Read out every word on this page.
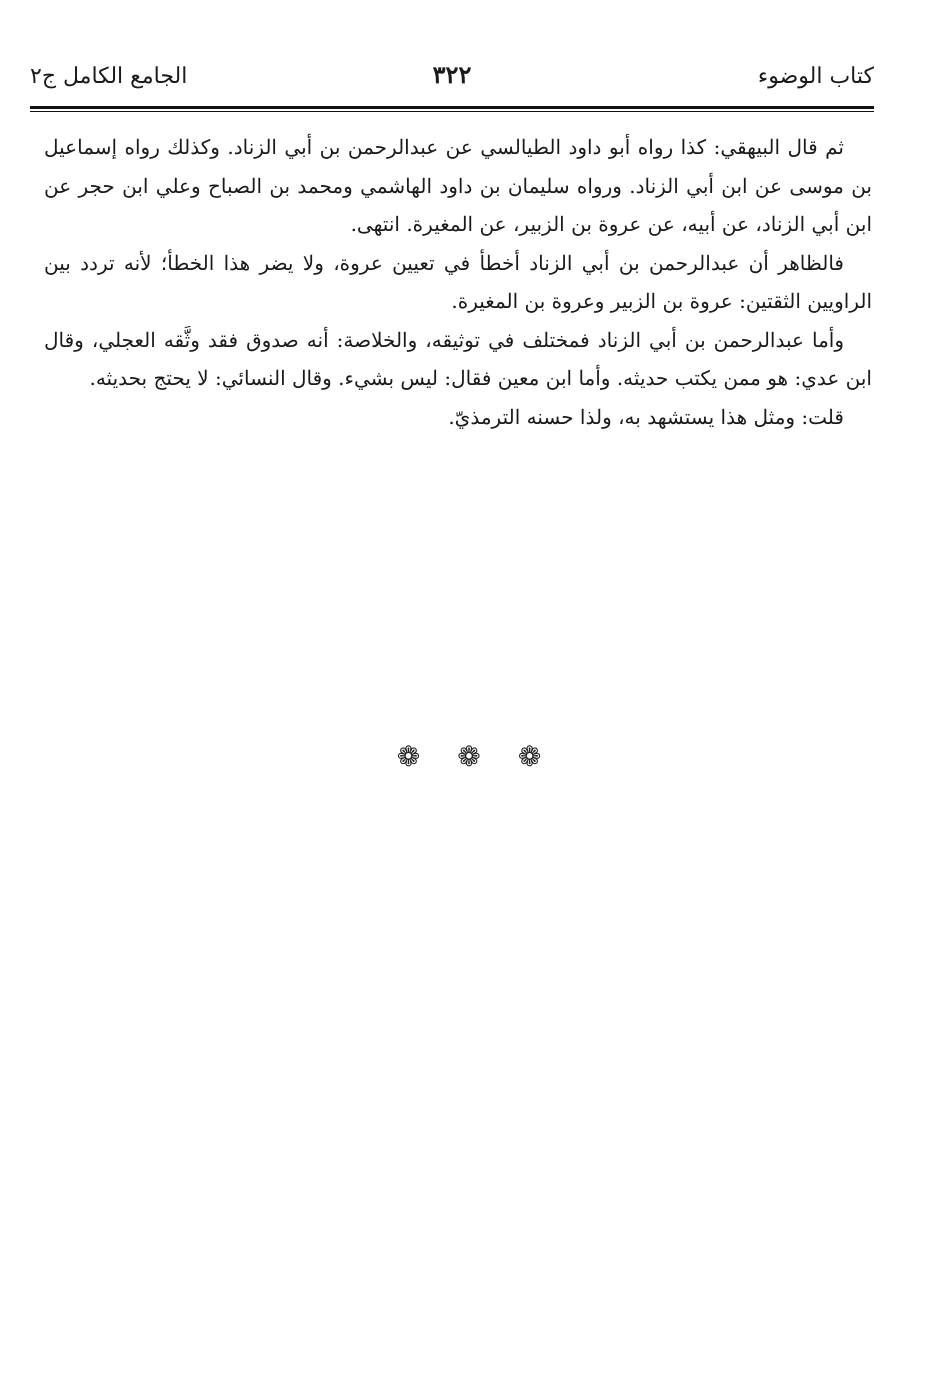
كتاب الوضوء
٣٢٢
الجامع الكامل ج٢

ثم قال البيهقي: كذا رواه أبو داود الطيالسي عن عبدالرحمن بن أبي الزناد. وكذلك رواه إسماعيل بن موسى عن ابن أبي الزناد. ورواه سليمان بن داود الهاشمي ومحمد بن الصباح وعلي ابن حجر عن ابن أبي الزناد، عن أبيه، عن عروة بن الزبير، عن المغيرة. انتهى.

فالظاهر أن عبدالرحمن بن أبي الزناد أخطأ في تعيين عروة، ولا يضر هذا الخطأ؛ لأنه تردد بين الراويين الثقتين: عروة بن الزبير وعروة بن المغيرة.

وأما عبدالرحمن بن أبي الزناد فمختلف في توثيقه، والخلاصة: أنه صدوق فقد وثَّقه العجلي، وقال ابن عدي: هو ممن يكتب حديثه. وأما ابن معين فقال: ليس بشيء. وقال النسائي: لا يحتج بحديثه.

قلت: ومثل هذا يستشهد به، ولذا حسنه الترمذيّ.

❁ ❁ ❁
